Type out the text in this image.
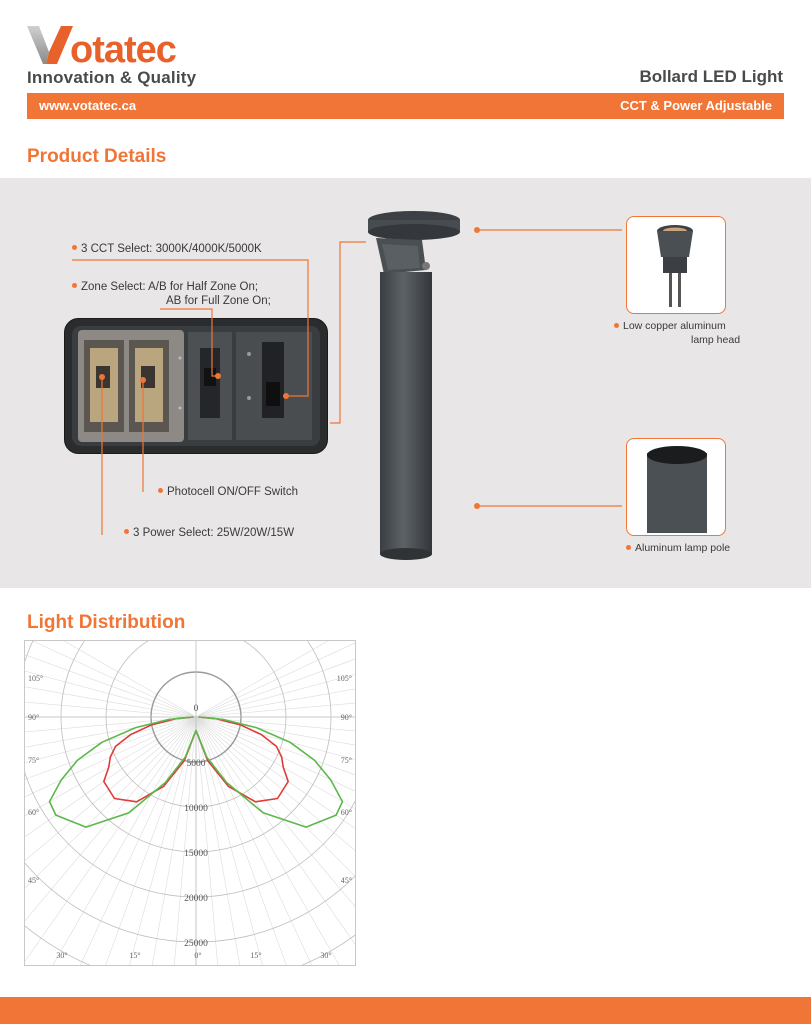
otatec
Innovation & Quality	Bollard LED Light
www.votatec.ca	CCT & Power Adjustable
Product Details
3 CCT Select: 3000K/4000K/5000K
Zone Select: A/B for Half Zone On;
AB for Full Zone On;
Photocell ON/OFF Switch
3 Power Select: 25W/20W/15W
Low copper aluminum
lamp head
Aluminum lamp pole
Light Distribution
0
5000
10000
15000
20000
25000
105°	105°
90°	90°
75°	75°
60°	60°
45°	45°
30°	15°	0°	15°	30°
